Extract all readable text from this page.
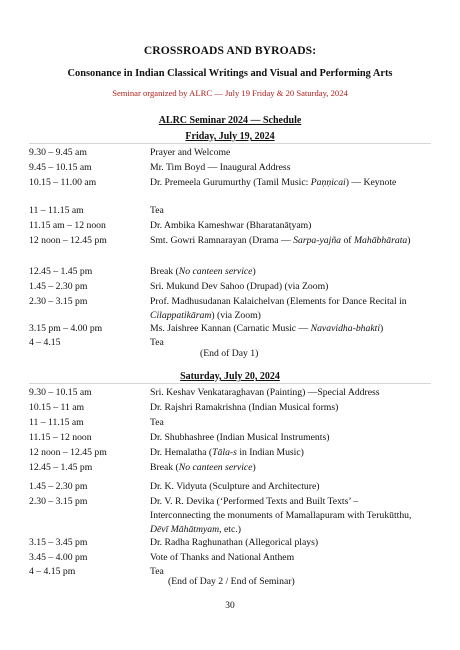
CROSSROADS AND BYROADS:
Consonance in Indian Classical Writings and Visual and Performing Arts
Seminar organized by ALRC — July 19 Friday & 20 Saturday, 2024
ALRC Seminar 2024 — Schedule
Friday, July 19, 2024
9.30 – 9.45 am	Prayer and Welcome
9.45 – 10.15 am	Mr. Tim Boyd — Inaugural Address
10.15 – 11.00 am	Dr. Premeela Gurumurthy (Tamil Music: Paṇṇicai) — Keynote
11 – 11.15 am	Tea
11.15 am – 12 noon	Dr. Ambika Kameshwar (Bharatanāṭyam)
12 noon – 12.45 pm	Smt. Gowri Ramnarayan (Drama — Sarpa-yajña of Mahābhārata)
12.45 – 1.45 pm	Break (No canteen service)
1.45 – 2.30 pm	Sri. Mukund Dev Sahoo (Drupad) (via Zoom)
2.30 – 3.15 pm	Prof. Madhusudanan Kalaichelvan (Elements for Dance Recital in Cilappatikāram) (via Zoom)
3.15 pm – 4.00 pm	Ms. Jaishree Kannan (Carnatic Music — Navavidha-bhakti)
4 – 4.15	Tea
(End of Day 1)
Saturday, July 20, 2024
9.30 – 10.15 am	Sri. Keshav Venkataraghavan (Painting) —Special Address
10.15 – 11 am	Dr. Rajshri Ramakrishna (Indian Musical forms)
11 – 11.15 am	Tea
11.15 – 12 noon	Dr. Shubhashree (Indian Musical Instruments)
12 noon – 12.45 pm	Dr. Hemalatha (Tāla-s in Indian Music)
12.45 – 1.45 pm	Break (No canteen service)
1.45 – 2.30 pm	Dr. K. Vidyuta (Sculpture and Architecture)
2.30 – 3.15 pm	Dr. V. R. Devika (‘Performed Texts and Built Texts’ – Interconnecting the monuments of Mamallapuram with Terukūtthu, Dēvī Māhātmyam, etc.)
3.15 – 3.45 pm	Dr. Radha Raghunathan (Allegorical plays)
3.45 – 4.00 pm	Vote of Thanks and National Anthem
4 – 4.15 pm	Tea
(End of Day 2 / End of Seminar)
30
